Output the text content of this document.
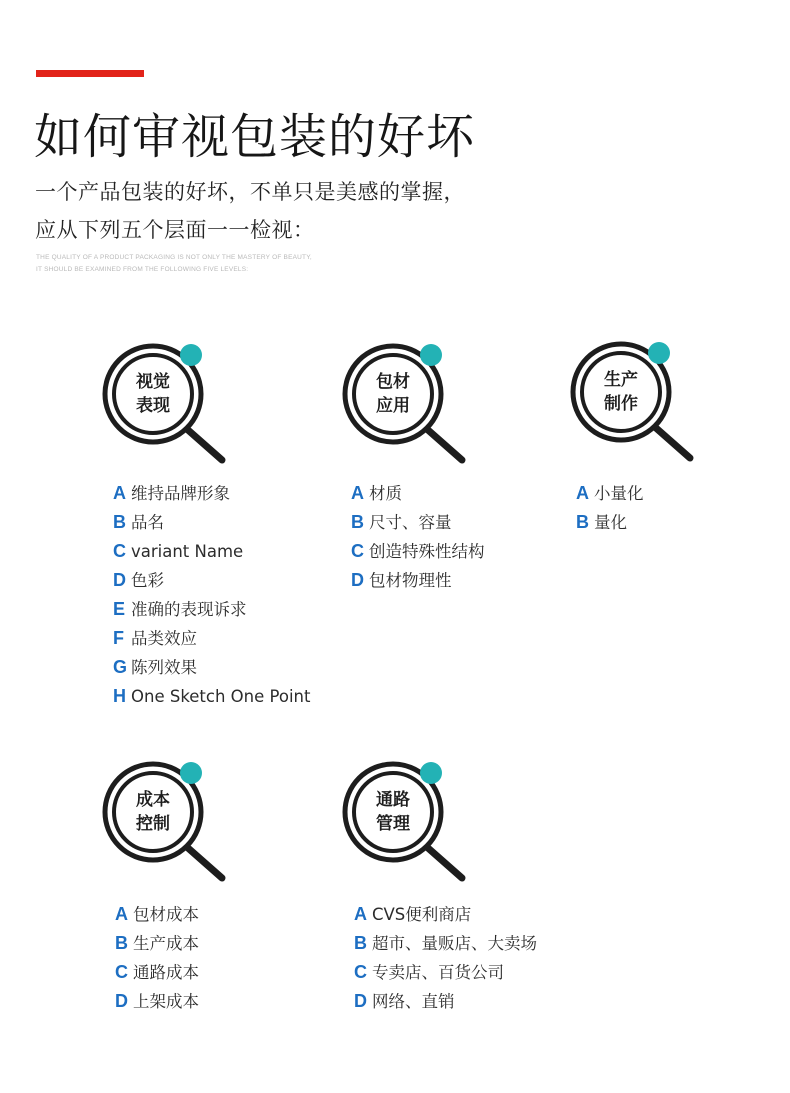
如何审视包装的好坏
一个产品包装的好坏，不单只是美感的掌握，
应从下列五个层面一一检视：
THE QUALITY OF A PRODUCT PACKAGING IS NOT ONLY THE MASTERY OF BEAUTY,
IT SHOULD BE EXAMINED FROM THE FOLLOWING FIVE LEVELS:
视觉
表现
包材
应用
生产
制作
成本
控制
通路
管理
A 维持品牌形象
B 品名
C variant Name
D 色彩
E 准确的表现诉求
F 品类效应
G 陈列效果
H One Sketch One Point
A 材质
B 尺寸、容量
C 创造特殊性结构
D 包材物理性
A 小量化
B 量化
A 包材成本
B 生产成本
C 通路成本
D 上架成本
A CVS便利商店
B 超市、量贩店、大卖场
C 专卖店、百货公司
D 网络、直销
